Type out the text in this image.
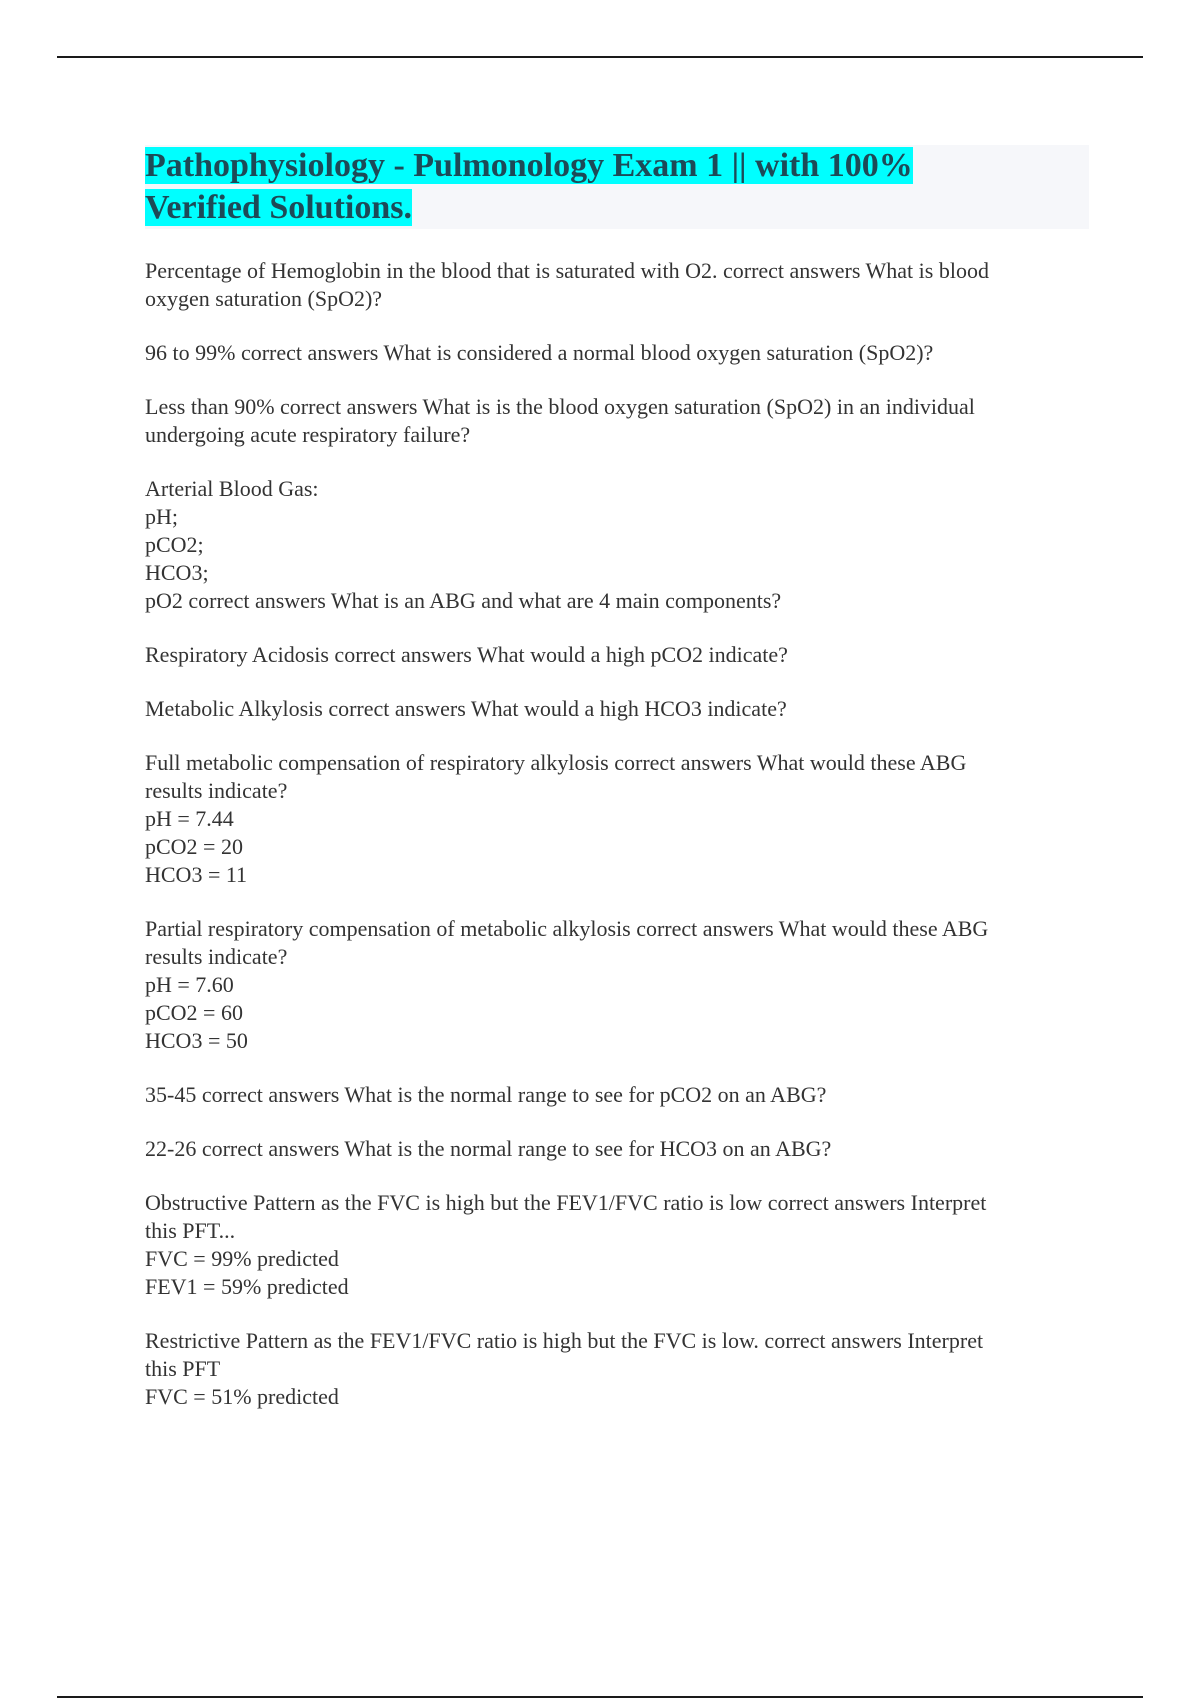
Pathophysiology - Pulmonology Exam 1 || with 100%
Verified Solutions.
Percentage of Hemoglobin in the blood that is saturated with O2. correct answers What is blood
oxygen saturation (SpO2)?
96 to 99% correct answers What is considered a normal blood oxygen saturation (SpO2)?
Less than 90% correct answers What is is the blood oxygen saturation (SpO2) in an individual
undergoing acute respiratory failure?
Arterial Blood Gas:
pH;
pCO2;
HCO3;
pO2 correct answers What is an ABG and what are 4 main components?
Respiratory Acidosis correct answers What would a high pCO2 indicate?
Metabolic Alkylosis correct answers What would a high HCO3 indicate?
Full metabolic compensation of respiratory alkylosis correct answers What would these ABG
results indicate?
pH = 7.44
pCO2 = 20
HCO3 = 11
Partial respiratory compensation of metabolic alkylosis correct answers What would these ABG
results indicate?
pH = 7.60
pCO2 = 60
HCO3 = 50
35-45 correct answers What is the normal range to see for pCO2 on an ABG?
22-26 correct answers What is the normal range to see for HCO3 on an ABG?
Obstructive Pattern as the FVC is high but the FEV1/FVC ratio is low correct answers Interpret
this PFT...
FVC = 99% predicted
FEV1 = 59% predicted
Restrictive Pattern as the FEV1/FVC ratio is high but the FVC is low. correct answers Interpret
this PFT
FVC = 51% predicted
